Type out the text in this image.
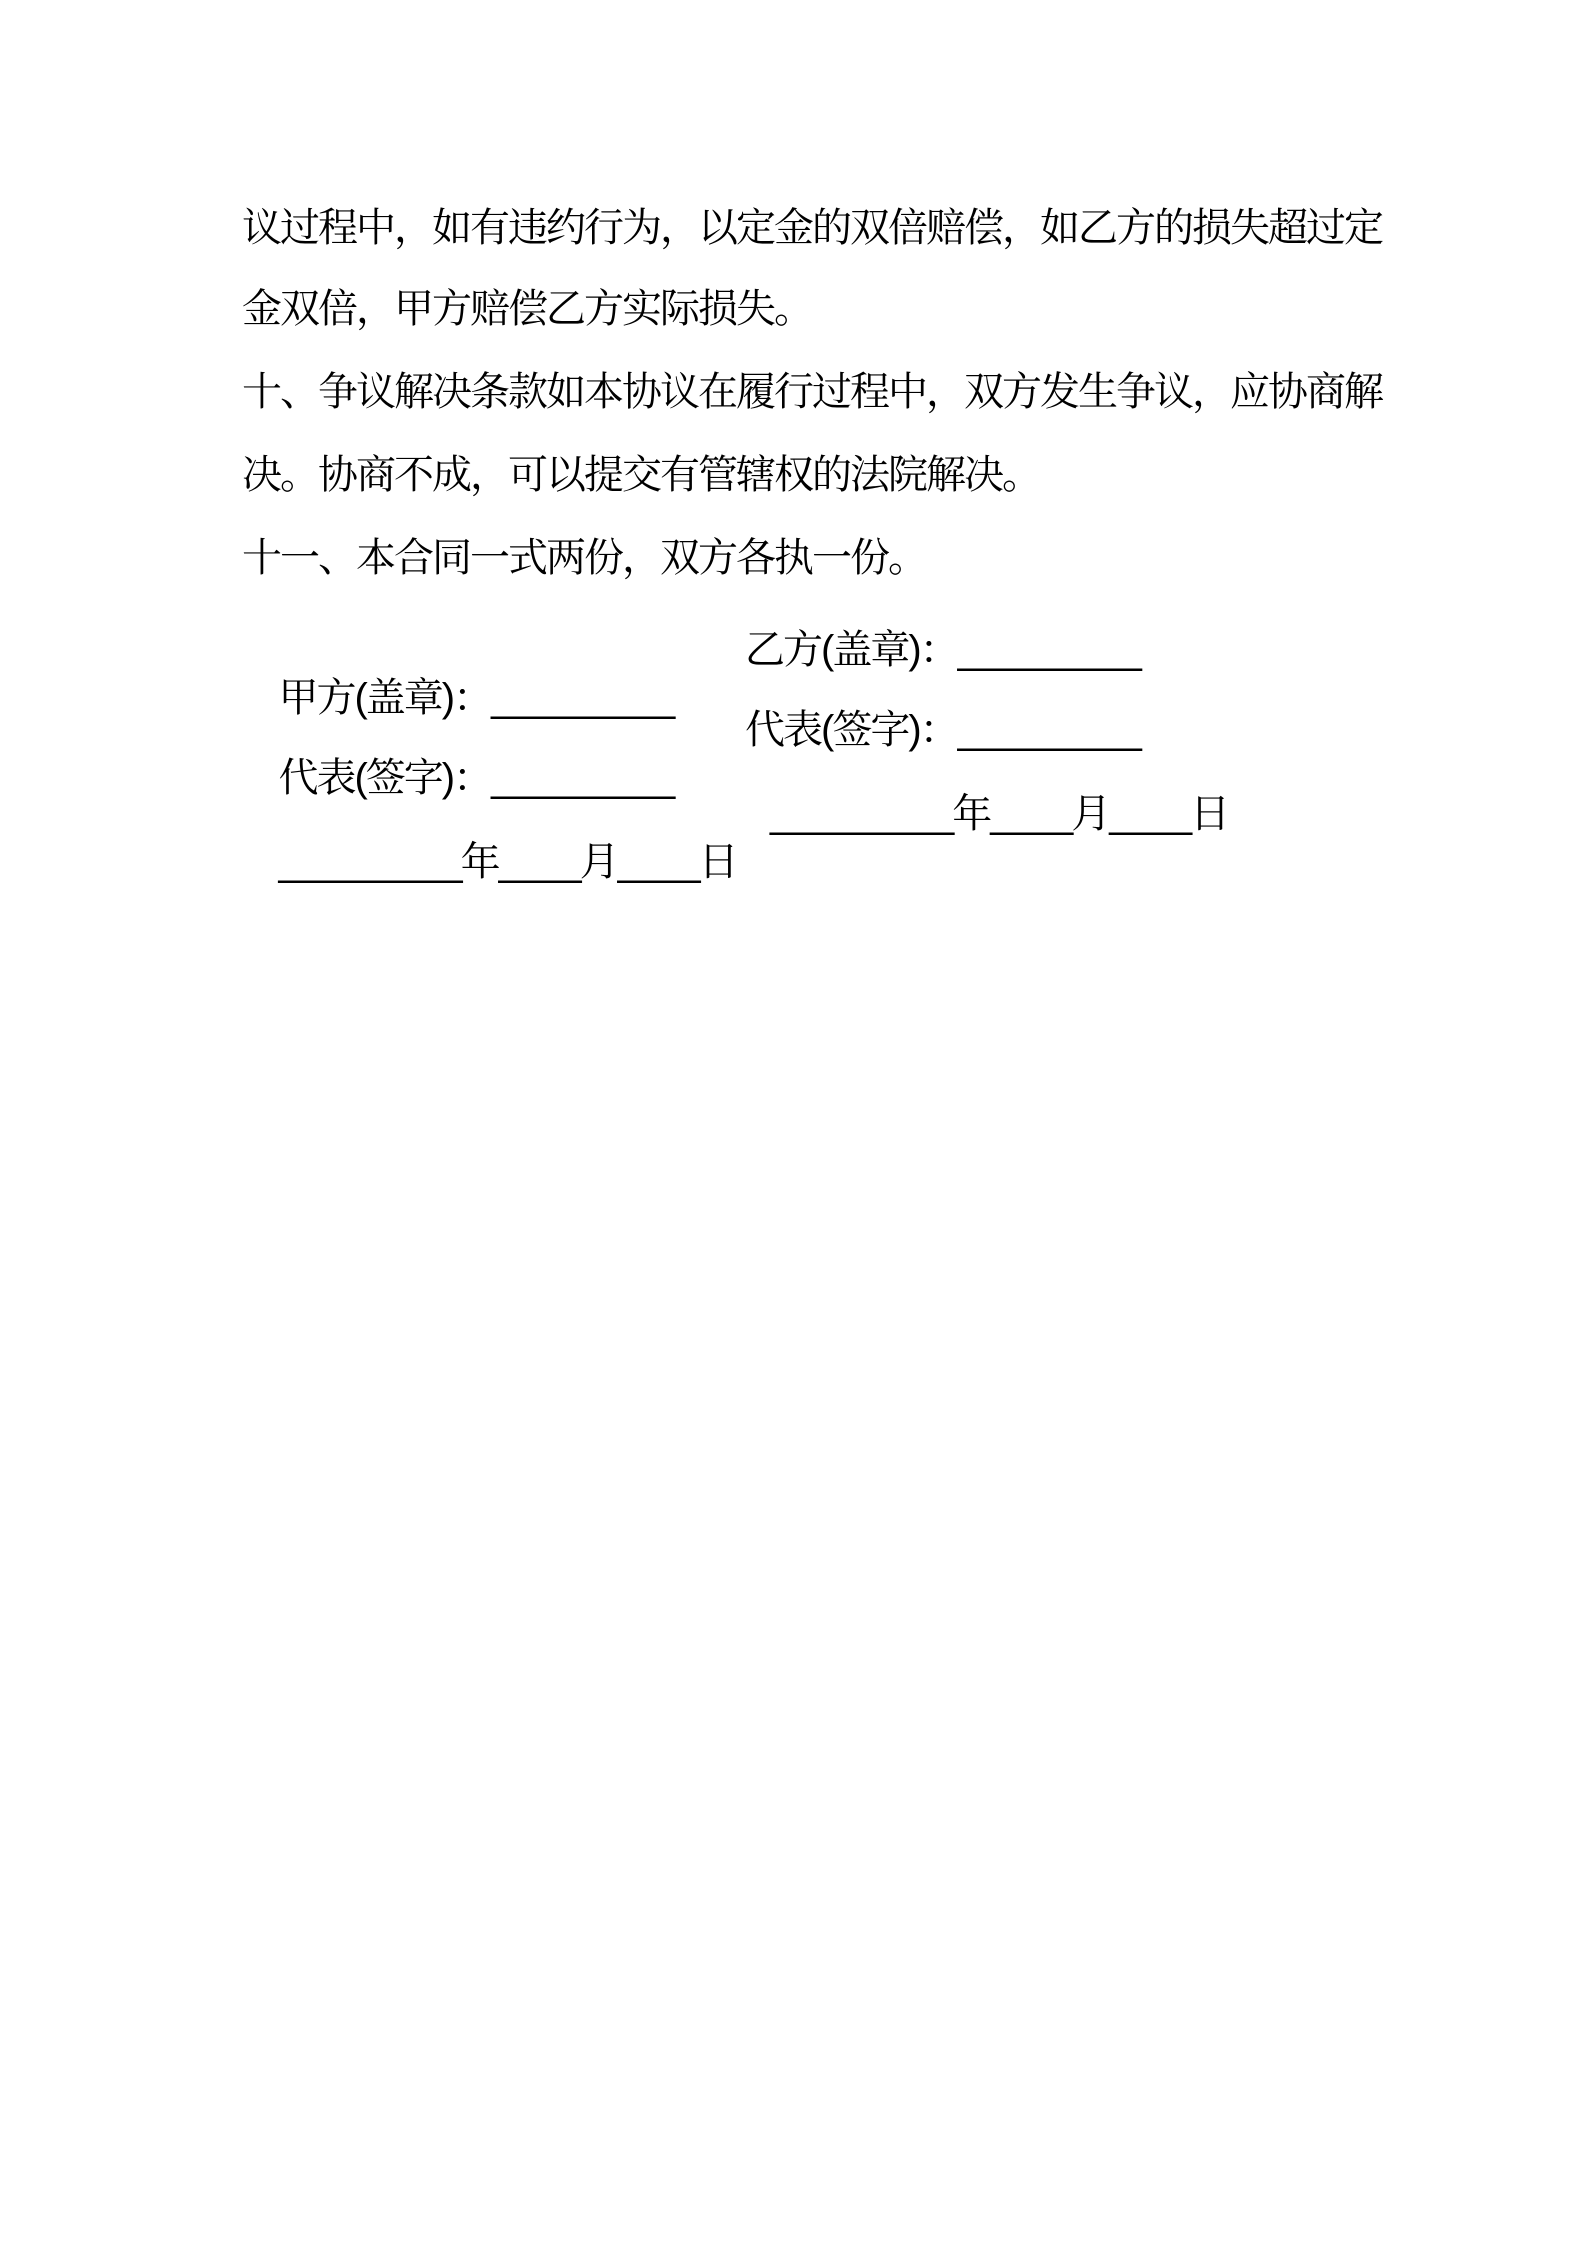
议过程中，如有违约行为，以定金的双倍赔偿，如乙方的损失超过定
金双倍，甲方赔偿乙方实际损失。
十、争议解决条款如本协议在履行过程中，双方发生争议，应协商解
决。协商不成，可以提交有管辖权的法院解决。
十一、本合同一式两份，双方各执一份。

甲方(盖章)：_________

乙方(盖章)：_________

代表(签字)：_________

代表(签字)：_________

_________年____月____日

_________年____月____日
